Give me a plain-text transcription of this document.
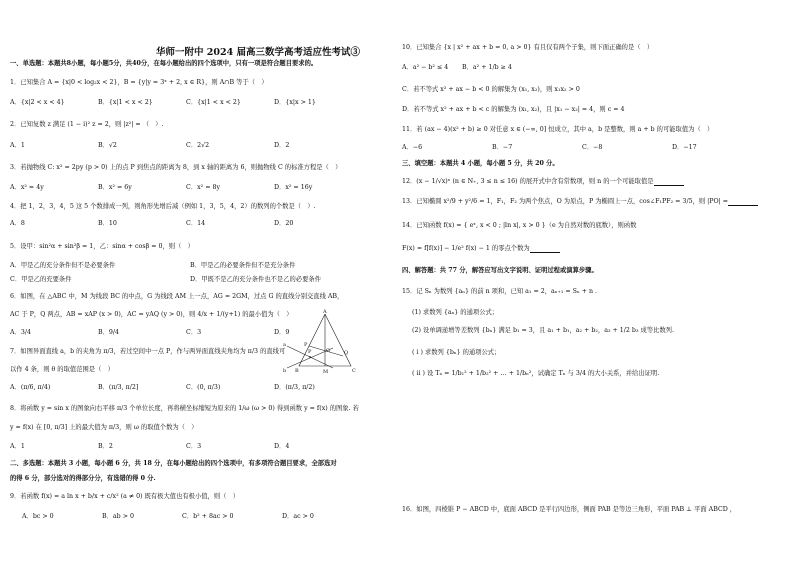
华师一附中 2024 届高三数学高考适应性考试③
一、单选题：本题共8小题，每小题5分，共40分，在每小题给出的四个选项中，只有一项是符合题目要求的。
1．已知集合 A = {x|0 < log₂x < 2}，B = {y|y = 3ˣ + 2, x ∈ R}，则 A∩B 等于（　）
A．{x|2 < x < 4}	B．{x|1 < x < 2}	C．{x|1 < x < 2}	D．{x|x > 1}
2．已知复数 z 满足 (1 − i)² z = 2，则 |z²| = （　）.
A．1	B．√2	C．2√2	D．2
3．若抛物线 C: x² = 2py (p > 0) 上的点 P 到焦点的距离为 8，到 x 轴的距离为 6，则抛物线 C 的标准方程是（　）
A．x² = 4y	B．x² = 6y	C．x² = 8y	D．x² = 16y
4．把 1，2，3，4，5 这 5 个数排成一列，则角形先增后减（例如 1，3，5，4，2）的数列的个数是（　）.
A．8	B．10	C．14	D．20
5．设甲：sin²α + sin²β = 1，乙：sinα + cosβ = 0，则（　）
A．甲是乙的充分条件但不是必要条件	B．甲是乙的必要条件但不是充分条件
C．甲是乙的充要条件	D．甲既不是乙的充分条件也不是乙的必要条件
6．如图，在 △ABC 中，M 为线段 BC 的中点，G 为线段 AM 上一点，AG = 2GM，过点 G 的直线分别交直线 AB，
AC 于 P，Q 两点，AB = xAP (x > 0)，AC = yAQ (y > 0)，则 4/x + 1/(y+1) 的最小值为（　）
A．3/4	B．9/4	C．3	D．9
7．如图异面直线 a，b 的夹角为 π/3，若过空间中一点 P，作与两异面直线夹角均为 π/3 的直线可
以作 4 条，则 θ 的取值范围是（　）
A．(π/6, π/4)	B．(π/3, π/2]	C．(0, π/3)	D．(π/3, π/2)
8．将函数 y = sin x 的图象向右平移 π/3 个单位长度，再将横坐标缩短为原来的 1/ω (ω > 0) 得到函数 y = f(x) 的图象. 若
y = f(x) 在 [0, π/3] 上的最大值为 π/3，则 ω 的取值个数为（　）
A．1	B．2	C．3	D．4
二、多选题：本题共 3 小题，每小题 6 分，共 18 分，在每小题给出的四个选项中，有多项符合题目要求，全部选对
的得 6 分，部分选对的得部分分，有选错的得 0 分.
9．若函数 f(x) = a ln x + b/x + c/x² (a ≠ 0) 既有极大值也有极小值，则（　）
A．bc > 0	B．ab > 0	C．b² + 8ac > 0	D．ac > 0
A
P
G	Q
B	M	C
a
P
b
10．已知集合 {x | x² + ax + b = 0, a > 0} 有且仅有两个子集，则下面正确的是（　）
A．a² − b² ≤ 4 B．a² + 1/b ≥ 4
C．若不等式 x² + ax − b < 0 的解集为 (x₁, x₂)，则 x₁x₂ > 0
D．若不等式 x² + ax + b < c 的解集为 (x₁, x₂)，且 |x₁ − x₂| = 4，则 c = 4
11．若 (ax − 4)(x² + b) ≥ 0 对任意 x ∈ (−∞, 0] 恒成立，其中 a，b 是整数，则 a + b 的可能取值为（　）
A．−6	B．−7	C．−8	D．−17
三、填空题：本题共 4 小题，每小题 5 分，共 20 分。
12．(x − 1/√x)ⁿ (n ∈ N₊, 3 ≤ n ≤ 16) 的展开式中含有常数项，则 n 的一个可能取值是
13．已知椭圆 x²/9 + y²/6 = 1，F₁，F₂ 为两个焦点，O 为原点，P 为椭圆上一点，cos∠F₁PF₂ = 3/5，则 |PO| =
14．已知函数 f(x) = { eˣ, x < 0 ; |ln x|, x > 0 }（e 为自然对数的底数），则函数
F(x) = f[f(x)] − 1/e² f(x) − 1 的零点个数为
四、解答题：共 77 分，解答应写出文字说明、证明过程或演算步骤。
15．记 Sₙ 为数列 {aₙ} 的前 n 项和，已知 a₁ = 2，aₙ₊₁ = Sₙ + n .
(1) 求数列 {aₙ} 的通项公式；
(2) 设单调递增等差数列 {bₙ} 满足 b₁ = 3，且 a₁ + b₁，a₂ + b₂，a₃ + 1/2 b₃ 成等比数列.
( i ) 求数列 {bₙ} 的通项公式；
( ii ) 设 Tₙ = 1/b₁² + 1/b₂² + … + 1/bₙ²，试确定 Tₙ 与 3/4 的大小关系，并给出证明.
16．如图，四棱锥 P − ABCD 中，底面 ABCD 是平行四边形，侧面 PAB 是等边三角形，平面 PAB ⊥ 平面 ABCD ，
